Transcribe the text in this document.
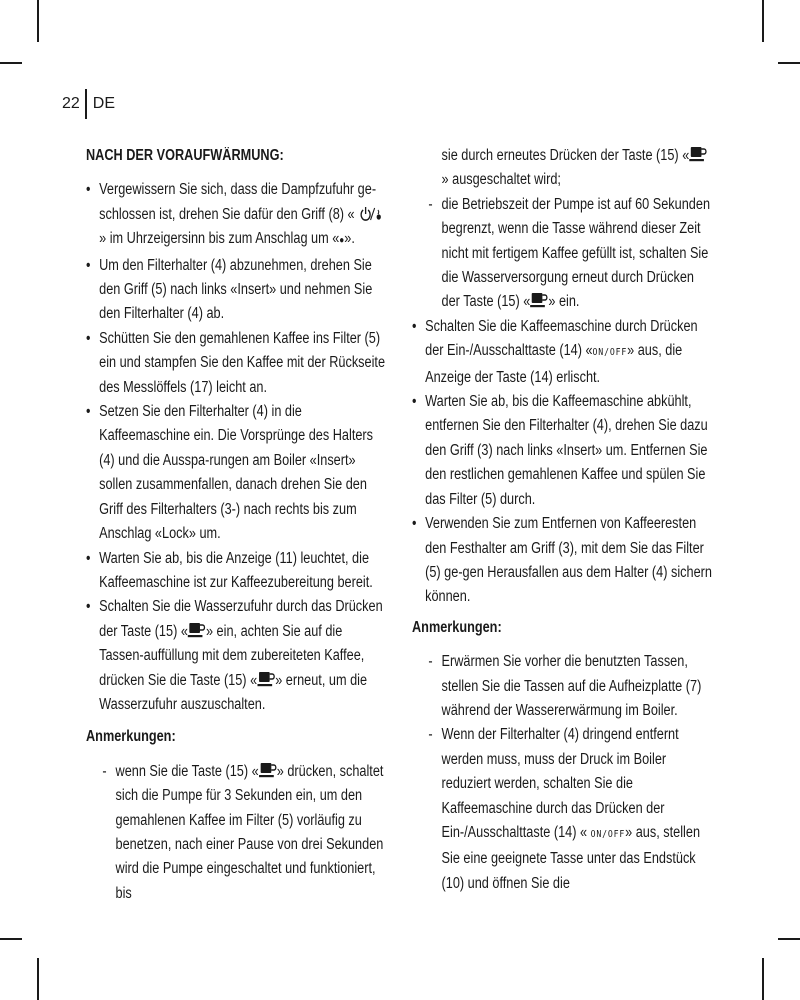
22 DE
NACH DER VORAUFWÄRMUNG:
• Vergewissern Sie sich, dass die Dampfzufuhr ge-schlossen ist, drehen Sie dafür den Griff (8) «  » im Uhrzeigersinn bis zum Anschlag um «●».
• Um den Filterhalter (4) abzunehmen, drehen Sie den Griff (5) nach links «Insert» und nehmen Sie den Filterhalter (4) ab.
• Schütten Sie den gemahlenen Kaffee ins Filter (5) ein und stampfen Sie den Kaffee mit der Rückseite des Messlöffels (17) leicht an.
• Setzen Sie den Filterhalter (4) in die Kaffeemaschine ein. Die Vorsprünge des Halters (4) und die Ausspa-rungen am Boiler «Insert» sollen zusammenfallen, danach drehen Sie den Griff des Filterhalters (3-) nach rechts bis zum Anschlag «Lock» um.
• Warten Sie ab, bis die Anzeige (11) leuchtet, die Kaffeemaschine ist zur Kaffeezubereitung bereit.
• Schalten Sie die Wasserzufuhr durch das Drücken der Taste (15) « » ein, achten Sie auf die Tassen-auffüllung mit dem zubereiteten Kaffee, drücken Sie die Taste (15) « » erneut, um die Wasserzufuhr auszuschalten.
Anmerkungen:
- wenn Sie die Taste (15) « » drücken, schaltet sich die Pumpe für 3 Sekunden ein, um den gemahlenen Kaffee im Filter (5) vorläufig zu benetzen, nach einer Pause von drei Sekunden wird die Pumpe eingeschaltet und funktioniert, bis
sie durch erneutes Drücken der Taste (15) «» ausgeschaltet wird;
- die Betriebszeit der Pumpe ist auf 60 Sekunden begrenzt, wenn die Tasse während dieser Zeit nicht mit fertigem Kaffee gefüllt ist, schalten Sie die Wasserversorgung erneut durch Drücken der Taste (15) « » ein.
• Schalten Sie die Kaffeemaschine durch Drücken der Ein-/Ausschalttaste (14) «ON/OFF» aus, die Anzeige der Taste (14) erlischt.
• Warten Sie ab, bis die Kaffeemaschine abkühlt, entfernen Sie den Filterhalter (4), drehen Sie dazu den Griff (3) nach links «Insert» um. Entfernen Sie den restlichen gemahlenen Kaffee und spülen Sie das Filter (5) durch.
• Verwenden Sie zum Entfernen von Kaffeeresten den Festhalter am Griff (3), mit dem Sie das Filter (5) ge-gen Herausfallen aus dem Halter (4) sichern können.
Anmerkungen:
- Erwärmen Sie vorher die benutzten Tassen, stellen Sie die Tassen auf die Aufheizplatte (7) während der Wassererwärmung im Boiler.
- Wenn der Filterhalter (4) dringend entfernt werden muss, muss der Druck im Boiler reduziert werden, schalten Sie die Kaffeemaschine durch das Drücken der Ein-/Ausschalttaste (14) « ON/OFF» aus, stellen Sie eine geeignete Tasse unter das Endstück (10) und öffnen Sie die
